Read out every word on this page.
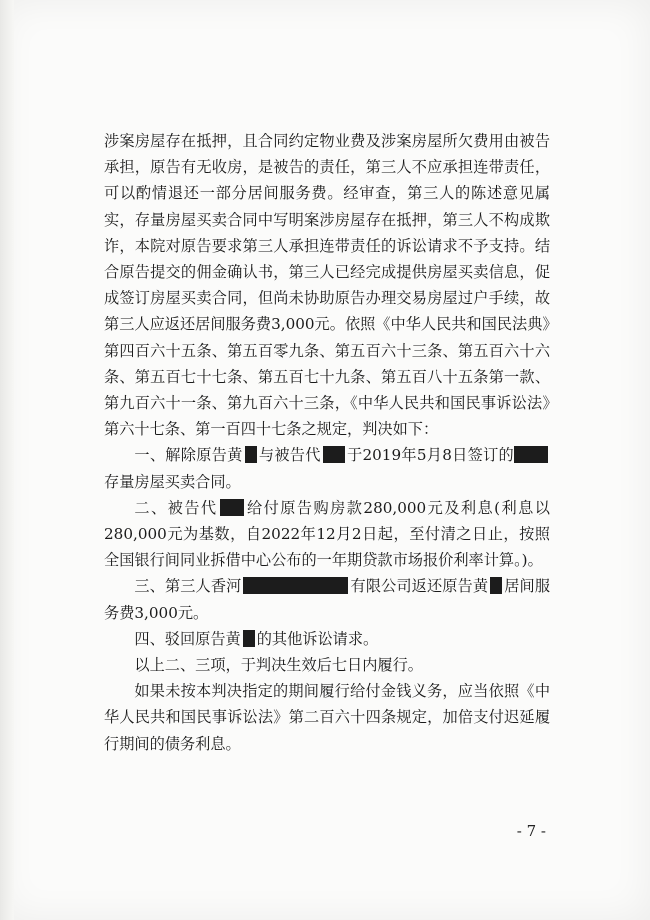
涉案房屋存在抵押，且合同约定物业费及涉案房屋所欠费用由被告承担，原告有无收房，是被告的责任，第三人不应承担连带责任，可以酌情退还一部分居间服务费。经审查，第三人的陈述意见属实，存量房屋买卖合同中写明案涉房屋存在抵押，第三人不构成欺诈，本院对原告要求第三人承担连带责任的诉讼请求不予支持。结合原告提交的佣金确认书，第三人已经完成提供房屋买卖信息，促成签订房屋买卖合同，但尚未协助原告办理交易房屋过户手续，故第三人应返还居间服务费3,000元。依照《中华人民共和国民法典》第四百六十五条、第五百零九条、第五百六十三条、第五百六十六条、第五百七十七条、第五百七十九条、第五百八十五条第一款、第九百六十一条、第九百六十三条，《中华人民共和国民事诉讼法》第六十七条、第一百四十七条之规定，判决如下：

一、解除原告黄 与被告代 于2019年5月8日签订的存量房屋买卖合同。

二、被告代 给付原告购房款280,000元及利息(利息以280,000元为基数，自2022年12月2日起，至付清之日止，按照全国银行间同业拆借中心公布的一年期贷款市场报价利率计算。)。

三、第三人香河	有限公司返还原告黄 居间服务费3,000元。

四、驳回原告黄 的其他诉讼请求。

以上二、三项，于判决生效后七日内履行。

如果未按本判决指定的期间履行给付金钱义务，应当依照《中华人民共和国民事诉讼法》第二百六十四条规定，加倍支付迟延履行期间的债务利息。

- 7 -
